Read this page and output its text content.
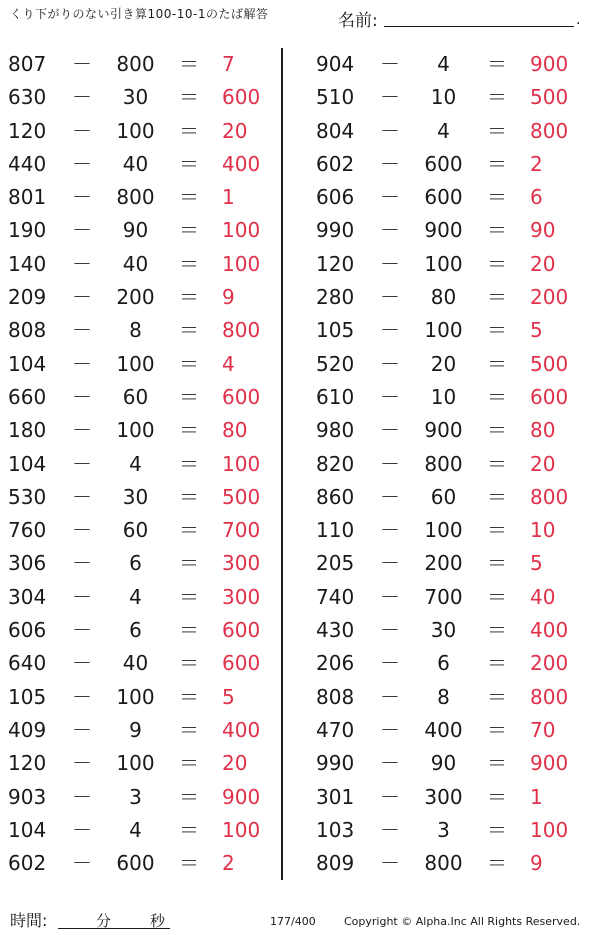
くり下がりのない引き算100-10-1のたば解答	名前:	.
807	－	800	＝ 7
630	－	30	＝ 600
120	－	100	＝ 20
440	－	40	＝ 400
801	－	800	＝ 1
190	－	90	＝ 100
140	－	40	＝ 100
209	－	200	＝ 9
808	－	8	＝ 800
104	－	100	＝ 4
660	－	60	＝ 600
180	－	100	＝ 80
104	－	4	＝ 100
530	－	30	＝ 500
760	－	60	＝ 700
306	－	6	＝ 300
304	－	4	＝ 300
606	－	6	＝ 600
640	－	40	＝ 600
105	－	100	＝ 5
409	－	9	＝ 400
120	－	100	＝ 20
903	－	3	＝ 900
104	－	4	＝ 100
602	－	600	＝ 2
904	－	4	＝ 900
510	－	10	＝ 500
804	－	4	＝ 800
602	－	600	＝ 2
606	－	600	＝ 6
990	－	900	＝ 90
120	－	100	＝ 20
280	－	80	＝ 200
105	－	100	＝ 5
520	－	20	＝ 500
610	－	10	＝ 600
980	－	900	＝ 80
820	－	800	＝ 20
860	－	60	＝ 800
110	－	100	＝ 10
205	－	200	＝ 5
740	－	700	＝ 40
430	－	30	＝ 400
206	－	6	＝ 200
808	－	8	＝ 800
470	－	400	＝ 70
990	－	90	＝ 900
301	－	300	＝ 1
103	－	3	＝ 100
809	－	800	＝ 9
時間:	分	秒	177/400	Copyright © Alpha.Inc All Rights Reserved.
